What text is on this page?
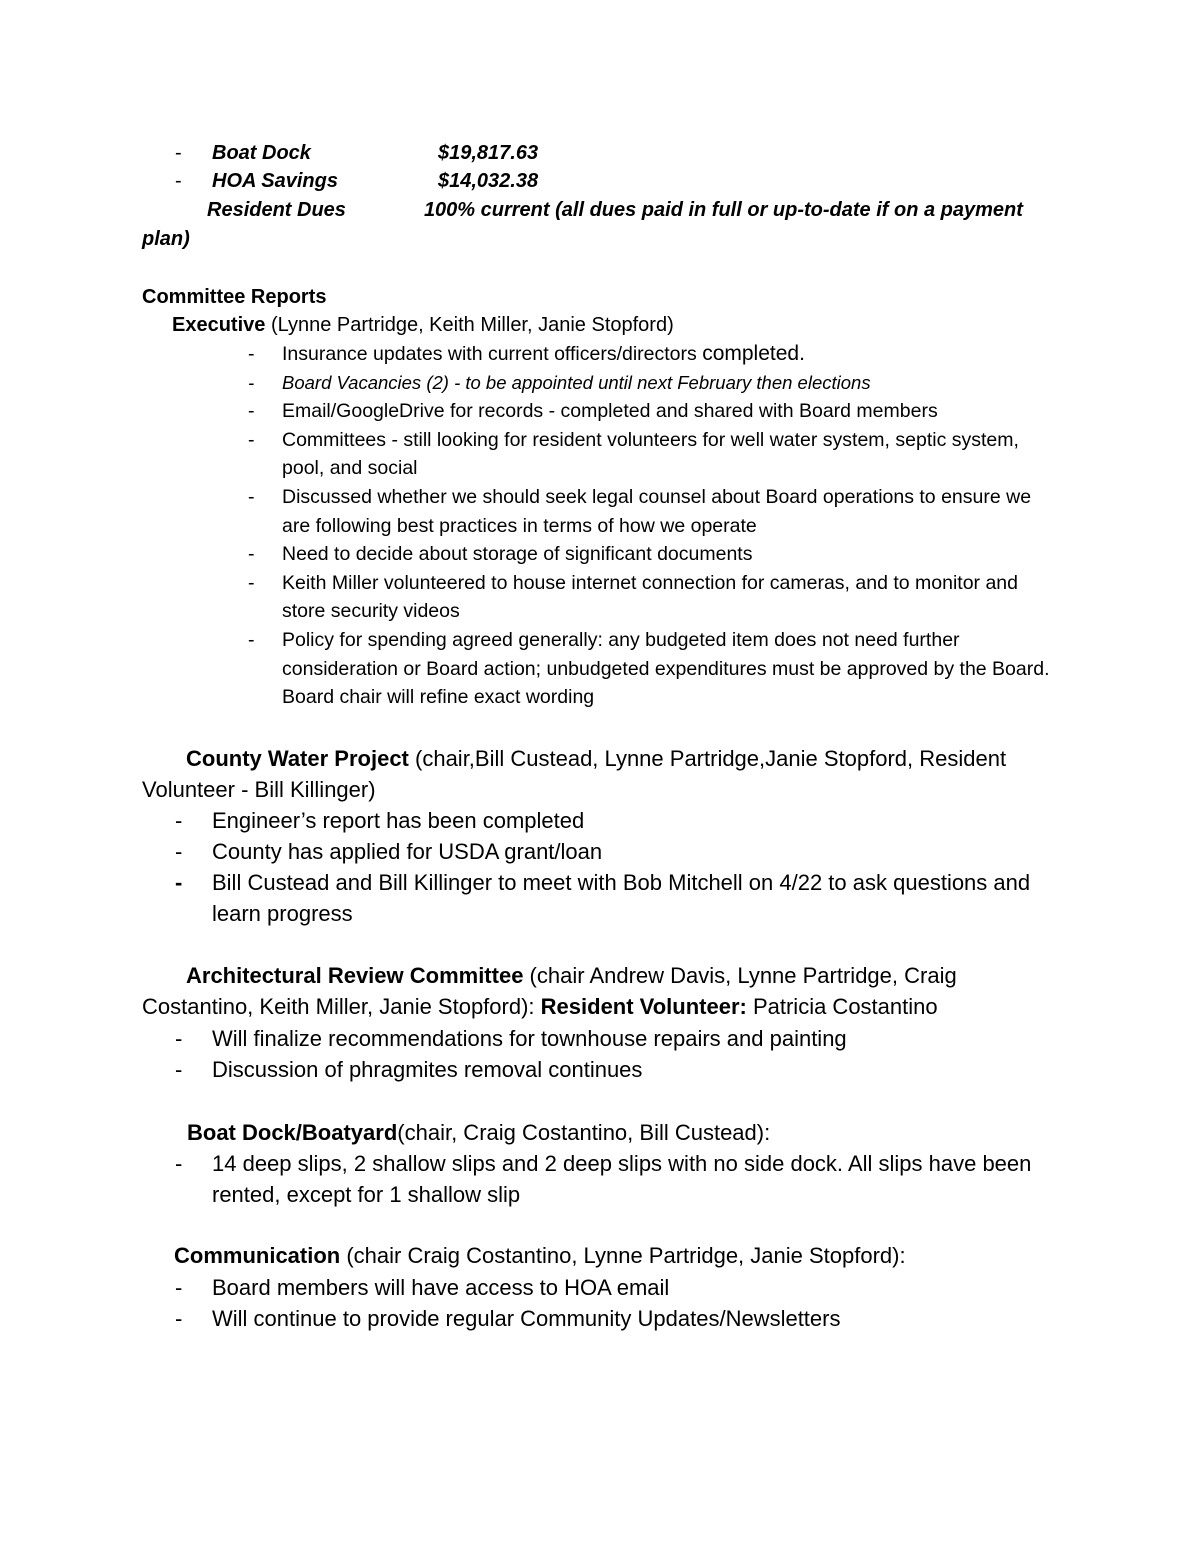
- Boat Dock	$19,817.63
- HOA Savings	$14,032.38
Resident Dues	100% current (all dues paid in full or up-to-date if on a payment plan)
Committee Reports
Executive (Lynne Partridge, Keith Miller, Janie Stopford)
- Insurance updates with current officers/directors completed.
- Board Vacancies (2) - to be appointed until next February then elections
- Email/GoogleDrive for records - completed and shared with Board members
- Committees - still looking for resident volunteers for well water system, septic system, pool, and social
- Discussed whether we should seek legal counsel about Board operations to ensure we are following best practices in terms of how we operate
- Need to decide about storage of significant documents
- Keith Miller volunteered to house internet connection for cameras, and to monitor and store security videos
- Policy for spending agreed generally: any budgeted item does not need further consideration or Board action; unbudgeted expenditures must be approved by the Board. Board chair will refine exact wording
County Water Project (chair,Bill Custead, Lynne Partridge,Janie Stopford, Resident Volunteer - Bill Killinger)
- Engineer’s report has been completed
- County has applied for USDA grant/loan
- Bill Custead and Bill Killinger to meet with Bob Mitchell on 4/22 to ask questions and learn progress
Architectural Review Committee (chair Andrew Davis, Lynne Partridge, Craig Costantino, Keith Miller, Janie Stopford): Resident Volunteer: Patricia Costantino
- Will finalize recommendations for townhouse repairs and painting
- Discussion of phragmites removal continues
Boat Dock/Boatyard(chair, Craig Costantino, Bill Custead):
- 14 deep slips, 2 shallow slips and 2 deep slips with no side dock. All slips have been rented, except for 1 shallow slip
Communication (chair Craig Costantino, Lynne Partridge, Janie Stopford):
- Board members will have access to HOA email
- Will continue to provide regular Community Updates/Newsletters
